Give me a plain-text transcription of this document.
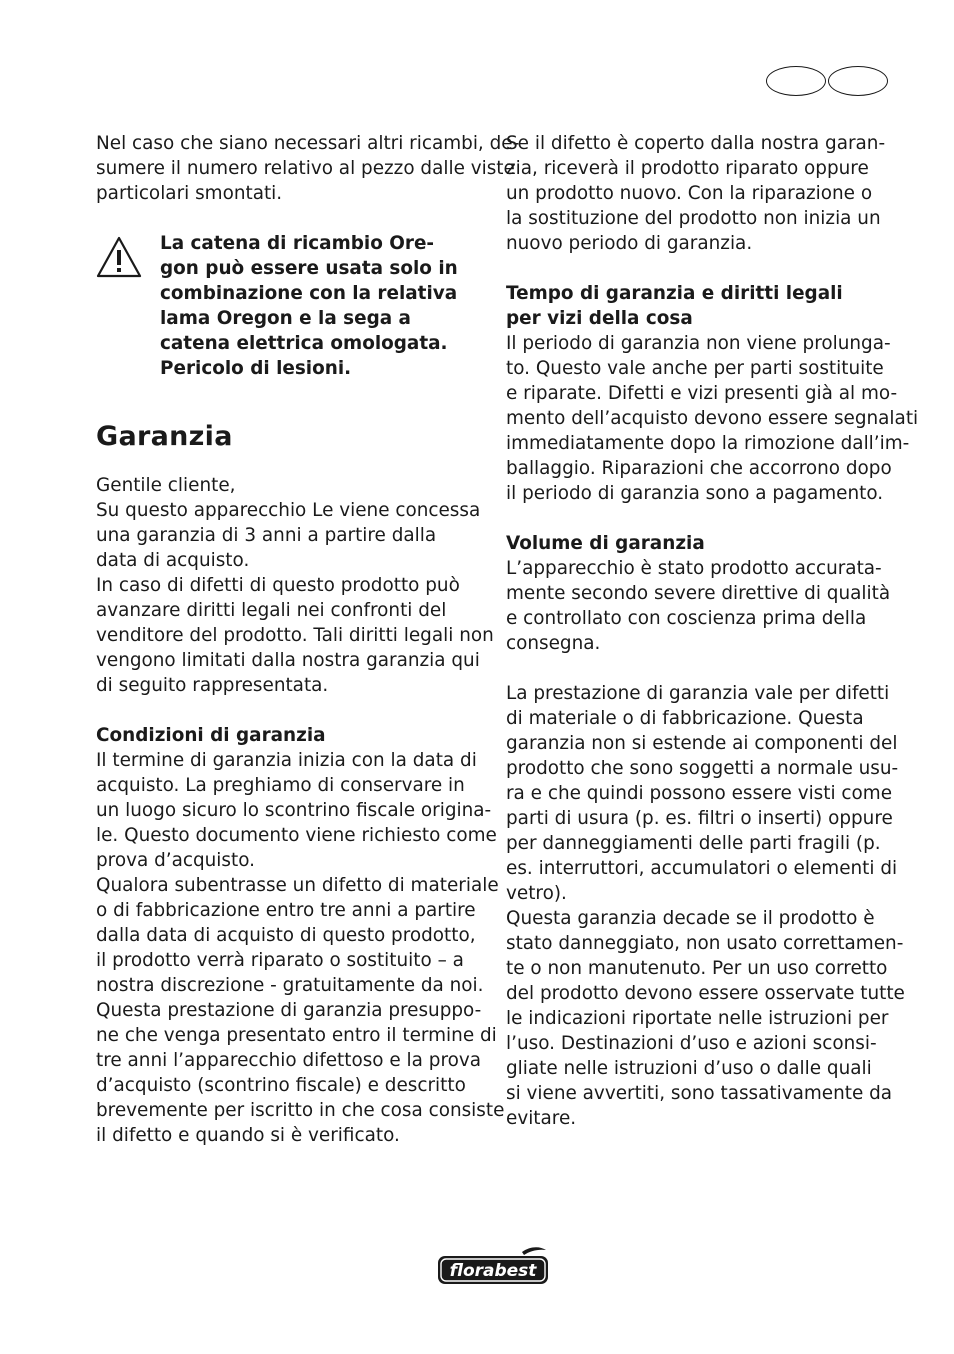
Nel caso che siano necessari altri ricambi, de-
sumere il numero relativo al pezzo dalle viste
particolari smontati.

La catena di ricambio Ore-
gon può essere usata solo in
combinazione con la relativa
lama Oregon e la sega a
catena elettrica omologata.
Pericolo di lesioni.
Garanzia

Gentile cliente,
Su questo apparecchio Le viene concessa
una garanzia di 3 anni a partire dalla
data di acquisto.
In caso di difetti di questo prodotto può
avanzare diritti legali nei confronti del
venditore del prodotto. Tali diritti legali non
vengono limitati dalla nostra garanzia qui
di seguito rappresentata.

Condizioni di garanzia

Il termine di garanzia inizia con la data di
acquisto. La preghiamo di conservare in
un luogo sicuro lo scontrino fiscale origina-
le. Questo documento viene richiesto come
prova d’acquisto.
Qualora subentrasse un difetto di materiale
o di fabbricazione entro tre anni a partire
dalla data di acquisto di questo prodotto,
il prodotto verrà riparato o sostituito – a
nostra discrezione - gratuitamente da noi.
Questa prestazione di garanzia presuppo-
ne che venga presentato entro il termine di
tre anni l’apparecchio difettoso e la prova
d’acquisto (scontrino fiscale) e descritto
brevemente per iscritto in che cosa consiste
il difetto e quando si è verificato.

Se il difetto è coperto dalla nostra garan-
zia, riceverà il prodotto riparato oppure
un prodotto nuovo. Con la riparazione o
la sostituzione del prodotto non inizia un
nuovo periodo di garanzia.

Tempo di garanzia e diritti legali
per vizi della cosa

Il periodo di garanzia non viene prolunga-
to. Questo vale anche per parti sostituite
e riparate. Difetti e vizi presenti già al mo-
mento dell’acquisto devono essere segnalati
immediatamente dopo la rimozione dall’im-
ballaggio. Riparazioni che accorrono dopo
il periodo di garanzia sono a pagamento.

Volume di garanzia

L’apparecchio è stato prodotto accurata-
mente secondo severe direttive di qualità
e controllato con coscienza prima della
consegna.

La prestazione di garanzia vale per difetti
di materiale o di fabbricazione. Questa
garanzia non si estende ai componenti del
prodotto che sono soggetti a normale usu-
ra e che quindi possono essere visti come
parti di usura (p. es. filtri o inserti) oppure
per danneggiamenti delle parti fragili (p.
es. interruttori, accumulatori o elementi di
vetro).
Questa garanzia decade se il prodotto è
stato danneggiato, non usato correttamen-
te o non manutenuto. Per un uso corretto
del prodotto devono essere osservate tutte
le indicazioni riportate nelle istruzioni per
l’uso. Destinazioni d’uso e azioni sconsi-
gliate nelle istruzioni d’uso o dalle quali
si viene avvertiti, sono tassativamente da
evitare.

florabest
